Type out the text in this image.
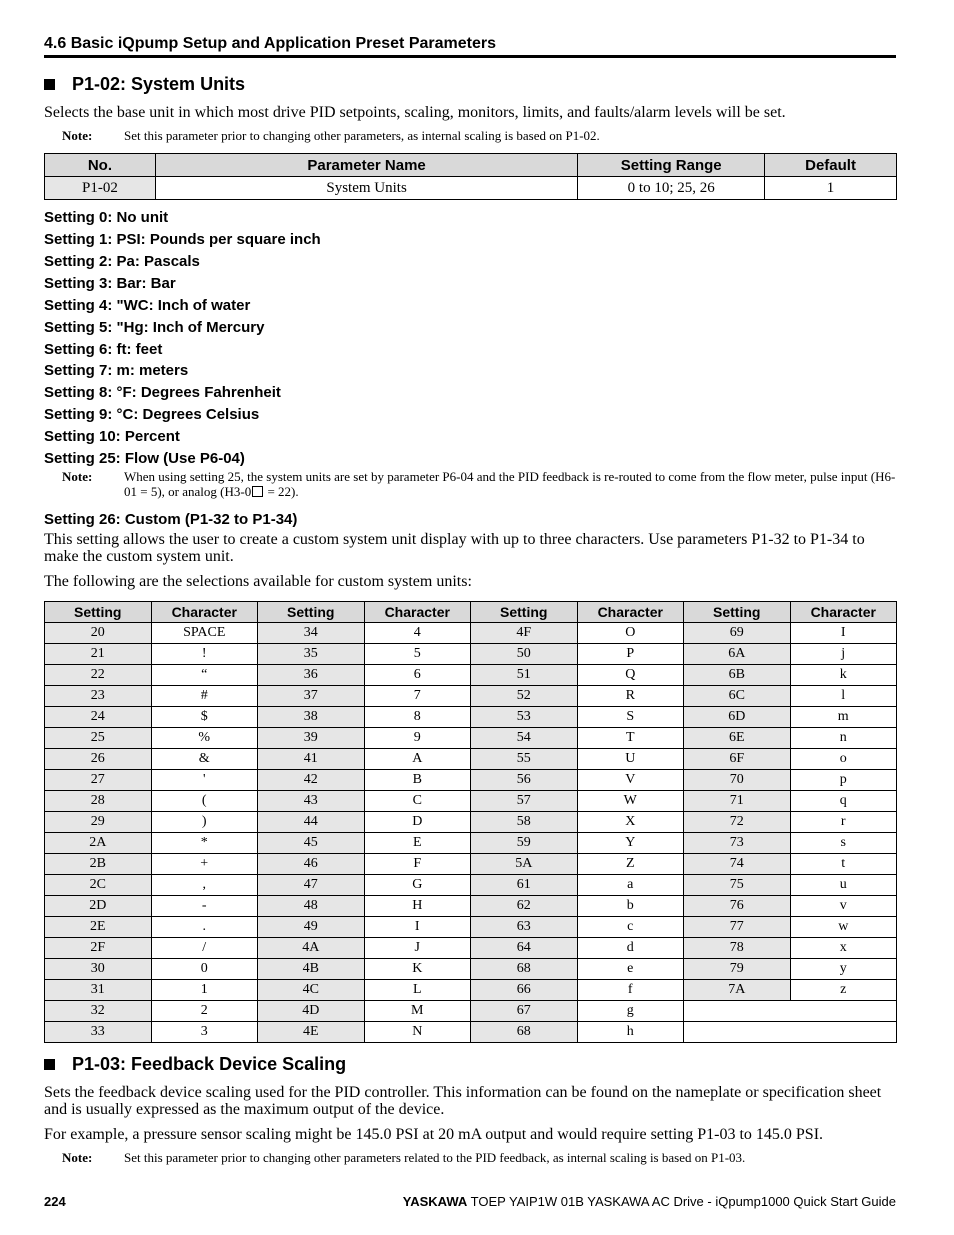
4.6 Basic iQpump Setup and Application Preset Parameters
P1-02: System Units
Selects the base unit in which most drive PID setpoints, scaling, monitors, limits, and faults/alarm levels will be set.
Note:	Set this parameter prior to changing other parameters, as internal scaling is based on P1-02.
No.	Parameter Name	Setting Range	Default
P1-02	System Units	0 to 10; 25, 26	1
Setting 0: No unit
Setting 1: PSI: Pounds per square inch
Setting 2: Pa: Pascals
Setting 3: Bar: Bar
Setting 4: "WC: Inch of water
Setting 5: "Hg: Inch of Mercury
Setting 6: ft: feet
Setting 7: m: meters
Setting 8: °F: Degrees Fahrenheit
Setting 9: °C: Degrees Celsius
Setting 10: Percent
Setting 25: Flow (Use P6-04)
Note:	When using setting 25, the system units are set by parameter P6-04 and the PID feedback is re-routed to come from the flow meter, pulse input (H6-01 = 5), or analog (H3-0 = 22).
Setting 26: Custom (P1-32 to P1-34)
This setting allows the user to create a custom system unit display with up to three characters. Use parameters P1-32 to P1-34 to make the custom system unit.
The following are the selections available for custom system units:
Setting	Character	Setting	Character	Setting	Character	Setting	Character
20	SPACE	34	4	4F	O	69	I
21	!	35	5	50	P	6A	j
22	“	36	6	51	Q	6B	k
23	#	37	7	52	R	6C	l
24	$	38	8	53	S	6D	m
25	%	39	9	54	T	6E	n
26	&	41	A	55	U	6F	o
27	'	42	B	56	V	70	p
28	(	43	C	57	W	71	q
29	)	44	D	58	X	72	r
2A	*	45	E	59	Y	73	s
2B	+	46	F	5A	Z	74	t
2C	,	47	G	61	a	75	u
2D	-	48	H	62	b	76	v
2E	.	49	I	63	c	77	w
2F	/	4A	J	64	d	78	x
30	0	4B	K	68	e	79	y
31	1	4C	L	66	f	7A	z
32	2	4D	M	67	g		
33	3	4E	N	68	h		
P1-03: Feedback Device Scaling
Sets the feedback device scaling used for the PID controller. This information can be found on the nameplate or specification sheet and is usually expressed as the maximum output of the device.
For example, a pressure sensor scaling might be 145.0 PSI at 20 mA output and would require setting P1-03 to 145.0 PSI.
Note:	Set this parameter prior to changing other parameters related to the PID feedback, as internal scaling is based on P1-03.
224	YASKAWA TOEP YAIP1W 01B YASKAWA AC Drive - iQpump1000 Quick Start Guide
